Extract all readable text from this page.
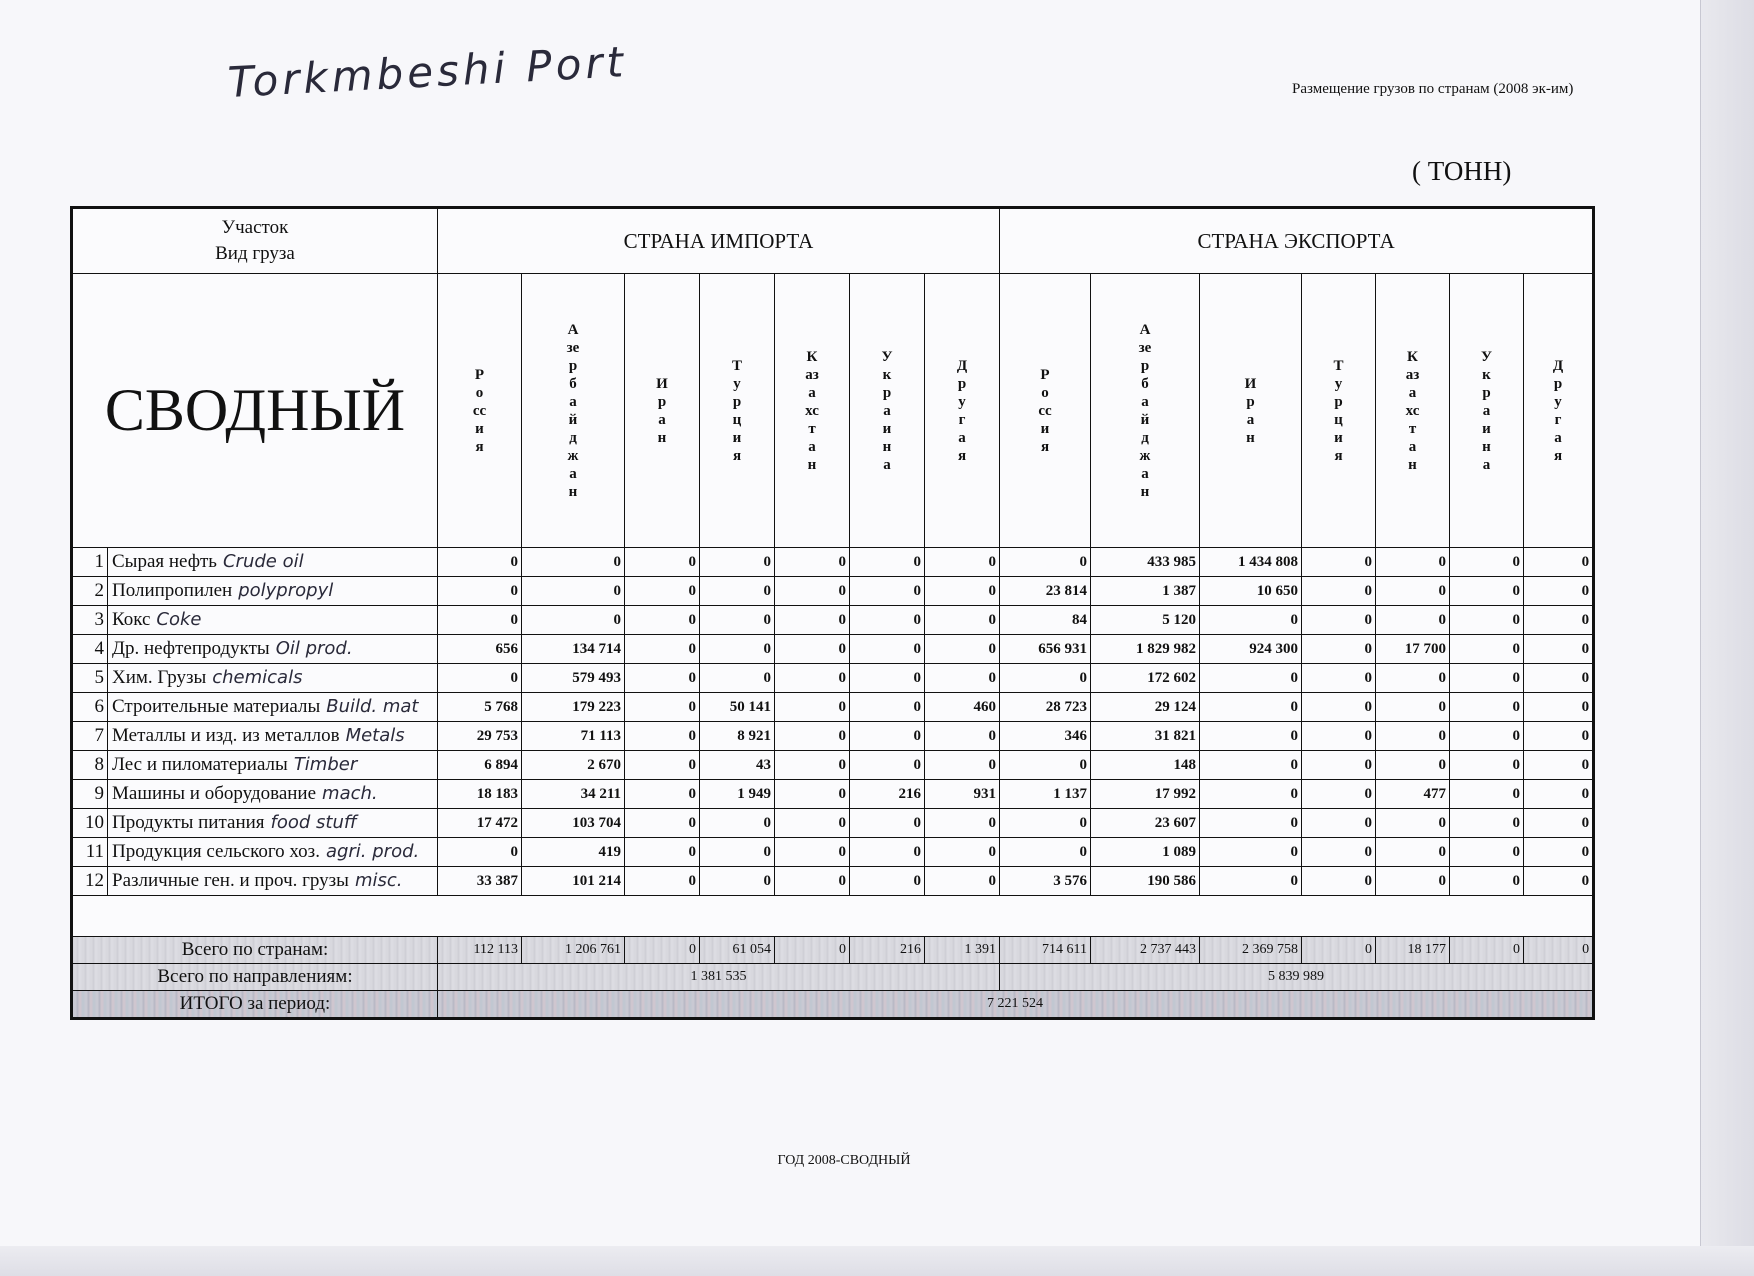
Torkmbeshi Port	Размещение грузов по странам (2008 эк-им)
( ТОНН)
Участок
Вид груза		СТРАНА ИМПОРТА							СТРАНА ЭКСПОРТА						
СВОДНЫЙ		Россия	Азербайджан	Иран	Турция	Казахстан	Украина	Другая	Россия	Азербайджан	Иран	Турция	Казахстан	Украина	Другая
1	Сырая нефть Crude oil	0	0	0	0	0	0	0	0	433 985	1 434 808	0	0	0	0
2	Полипропилен polypropyl	0	0	0	0	0	0	0	23 814	1 387	10 650	0	0	0	0
3	Кокс Coke	0	0	0	0	0	0	0	84	5 120	0	0	0	0	0
4	Др. нефтепродукты Oil prod.	656	134 714	0	0	0	0	0	656 931	1 829 982	924 300	0	17 700	0	0
5	Хим. Грузы chemicals	0	579 493	0	0	0	0	0	0	172 602	0	0	0	0	0
6	Строительные материалы Build. mat	5 768	179 223	0	50 141	0	0	460	28 723	29 124	0	0	0	0	0
7	Металлы и изд. из металлов Metals	29 753	71 113	0	8 921	0	0	0	346	31 821	0	0	0	0	0
8	Лес и пиломатериалы Timber	6 894	2 670	0	43	0	0	0	0	148	0	0	0	0	0
9	Машины и оборудование mach.	18 183	34 211	0	1 949	0	216	931	1 137	17 992	0	0	477	0	0
10	Продукты питания food stuff	17 472	103 704	0	0	0	0	0	0	23 607	0	0	0	0	0
11	Продукция сельского хоз. agri. prod.	0	419	0	0	0	0	0	0	1 089	0	0	0	0	0
12	Различные ген. и проч. грузы misc.	33 387	101 214	0	0	0	0	0	3 576	190 586	0	0	0	0	0

Всего по странам:		112 113	1 206 761	0	61 054	0	216	1 391	714 611	2 737 443	2 369 758	0	18 177	0	0
Всего по направлениям:		1 381 535							5 839 989						
ИТОГО за период:		7 221 524													
ГОД 2008-СВОДНЫЙ
